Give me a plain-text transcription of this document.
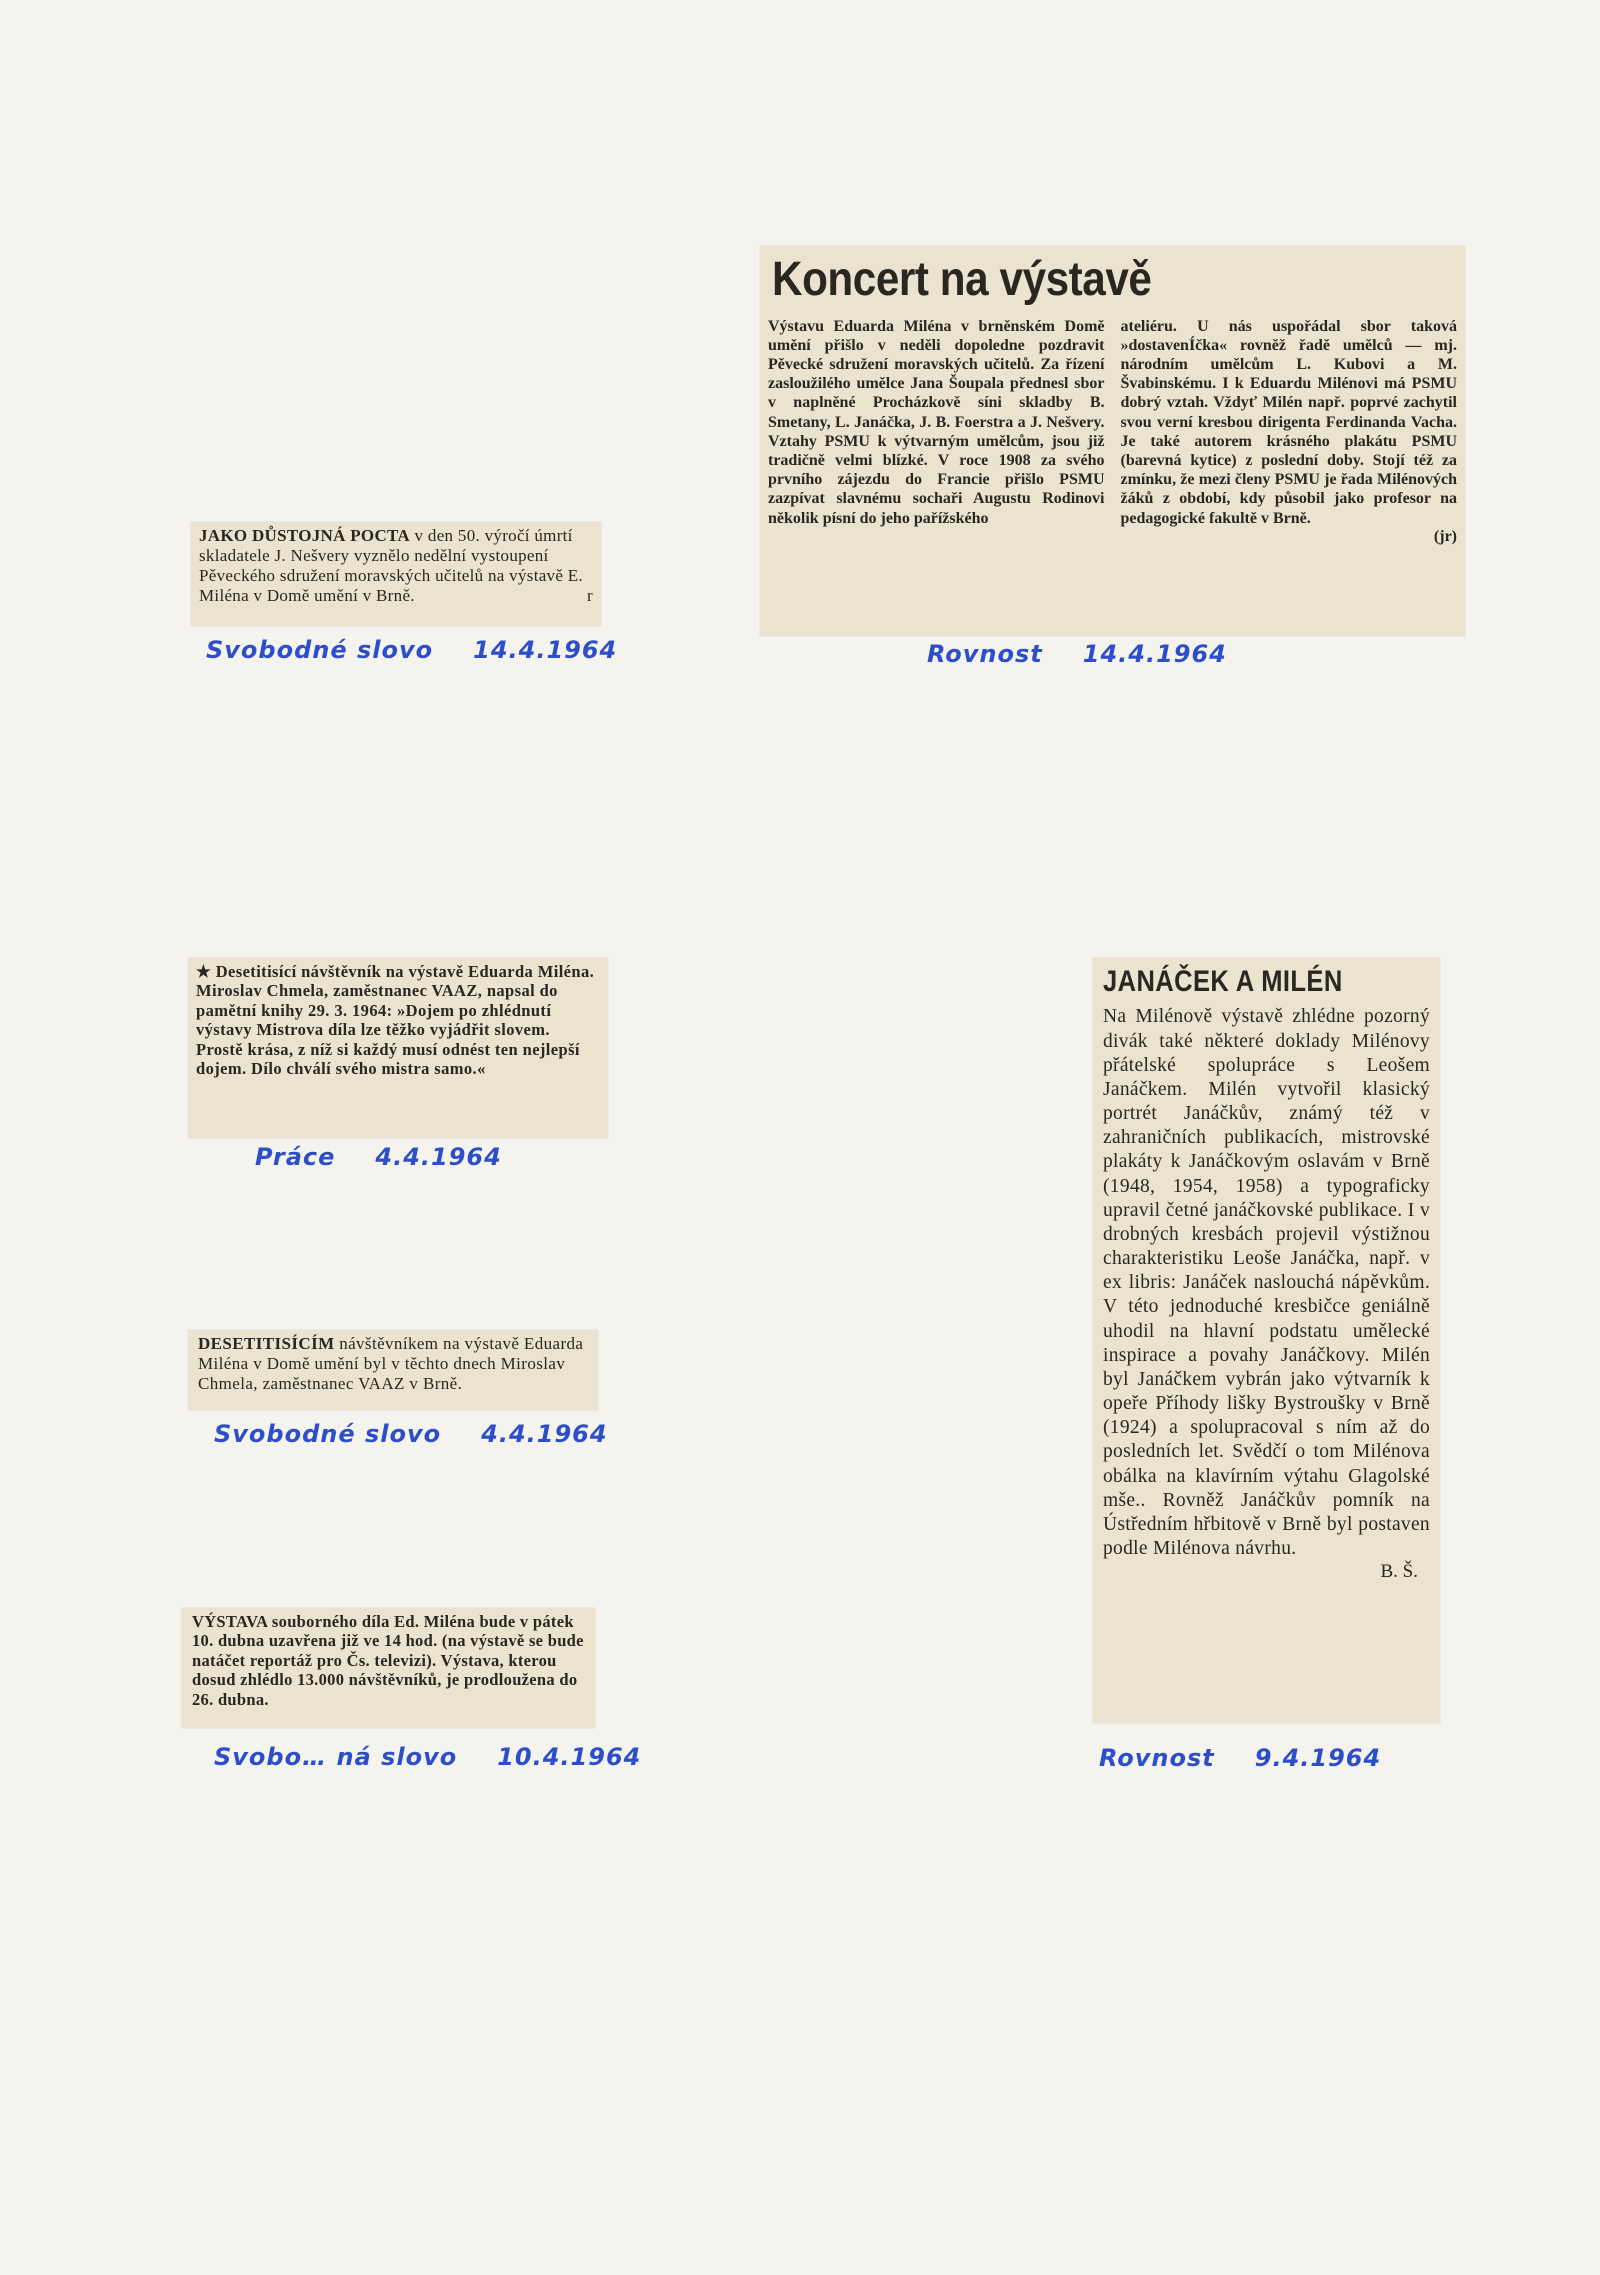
JAKO DŮSTOJNÁ POCTA v den 50. výročí úmrtí skladatele J. Nešvery vyznělo nedělní vystoupení Pěveckého sdružení moravských učitelů na výstavě E. Miléna v Domě umění v Brně.	r
Svobodné slovo 14.4.1964
Koncert na výstavě

Výstavu Eduarda Miléna v brněnském Domě umění přišlo v neděli dopoledne pozdravit Pěvecké sdružení moravských učitelů. Za řízení zasloužilého umělce Jana Šoupala přednesl sbor v naplněné Procházkově síni skladby B. Smetany, L. Janáčka, J. B. Foerstra a J. Nešvery. Vztahy PSMU k výtvarným umělcům, jsou již tradičně velmi blízké. V roce 1908 za svého prvního zájezdu do Francie přišlo PSMU zazpívat slavnému sochaři Augustu Rodinovi několik písní do jeho pařížského

ateliéru. U nás uspořádal sbor taková »dostavenÍčka« rovněž řadě umělců — mj. národním umělcům L. Kubovi a M. Švabinskému. I k Eduardu Milénovi má PSMU dobrý vztah. Vždyť Milén např. poprvé zachytil svou verní kresbou dirigenta Ferdinanda Vacha. Je také autorem krásného plakátu PSMU (barevná kytice) z poslední doby. Stojí též za zmínku, že mezi členy PSMU je řada Milénových žáků z období, kdy působil jako profesor na pedagogické fakultě v Brně.

(jr)
Rovnost 14.4.1964
★ Desetitisící návštěvník na výstavě Eduarda Miléna. Miroslav Chmela, zaměstnanec VAAZ, napsal do pamětní knihy 29. 3. 1964: »Dojem po zhlédnutí výstavy Mistrova díla lze těžko vyjádřit slovem. Prostě krása, z níž si každý musí odnést ten nejlepší dojem. Dílo chválí svého mistra samo.«
Práce 4.4.1964
JANÁČEK A MILÉN

Na Milénově výstavě zhlédne pozorný divák také některé doklady Milénovy přátelské spolupráce s Leošem Janáčkem. Milén vytvořil klasický portrét Janáčkův, známý též v zahraničních publikacích, mistrovské plakáty k Janáčkovým oslavám v Brně (1948, 1954, 1958) a typograficky upravil četné janáčkovské publikace. I v drobných kresbách projevil výstižnou charakteristiku Leoše Janáčka, např. v ex libris: Janáček naslouchá nápěvkům. V této jednoduché kresbičce geniálně uhodil na hlavní podstatu umělecké inspirace a povahy Janáčkovy. Milén byl Janáčkem vybrán jako výtvarník k opeře Příhody lišky Bystroušky v Brně (1924) a spolupracoval s ním až do posledních let. Svědčí o tom Milénova obálka na klavírním výtahu Glagolské mše.. Rovněž Janáčkův pomník na Ústředním hřbitově v Brně byl postaven podle Milénova návrhu.

B. Š.
Rovnost 9.4.1964
DESETITISÍCÍM návštěvníkem na výstavě Eduarda Miléna v Domě umění byl v těchto dnech Miroslav Chmela, zaměstnanec VAAZ v Brně.
Svobodné slovo 4.4.1964
VÝSTAVA souborného díla Ed. Miléna bude v pátek 10. dubna uzavřena již ve 14 hod. (na výstavě se bude natáčet reportáž pro Čs. televizi). Výstava, kterou dosud zhlédlo 13.000 návštěvníků, je prodloužena do 26. dubna.
Svobo… ná slovo 10.4.1964
